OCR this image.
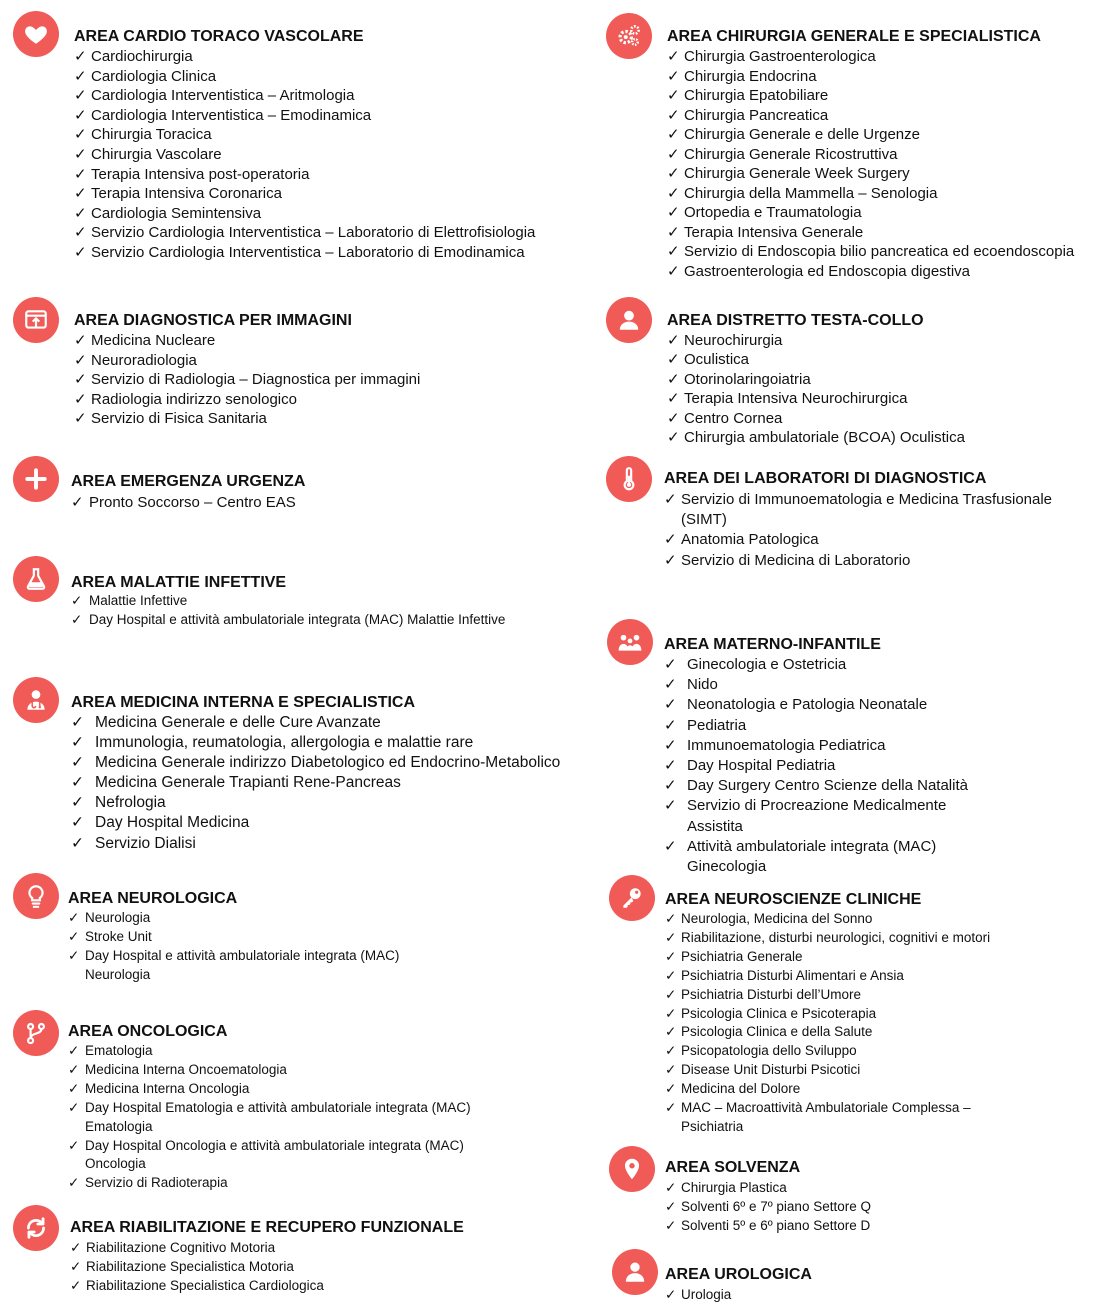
AREA CARDIO TORACO VASCOLARE
✓ Cardiochirurgia
✓ Cardiologia Clinica
✓ Cardiologia Interventistica – Aritmologia
✓ Cardiologia Interventistica – Emodinamica
✓ Chirurgia Toracica
✓ Chirurgia Vascolare
✓ Terapia Intensiva post-operatoria
✓ Terapia Intensiva Coronarica
✓ Cardiologia Semintensiva
✓ Servizio Cardiologia Interventistica – Laboratorio di Elettrofisiologia
✓ Servizio Cardiologia Interventistica – Laboratorio di Emodinamica
AREA DIAGNOSTICA PER IMMAGINI
✓ Medicina Nucleare
✓ Neuroradiologia
✓ Servizio di Radiologia – Diagnostica per immagini
✓ Radiologia indirizzo senologico
✓ Servizio di Fisica Sanitaria
AREA EMERGENZA URGENZA
✓ Pronto Soccorso – Centro EAS
AREA MALATTIE INFETTIVE
✓ Malattie Infettive
✓ Day Hospital e attività ambulatoriale integrata (MAC) Malattie Infettive
AREA MEDICINA INTERNA E SPECIALISTICA
✓ Medicina Generale e delle Cure Avanzate
✓ Immunologia, reumatologia, allergologia e malattie rare
✓ Medicina Generale indirizzo Diabetologico ed Endocrino-Metabolico
✓ Medicina Generale Trapianti Rene-Pancreas
✓ Nefrologia
✓ Day Hospital Medicina
✓ Servizio Dialisi
AREA NEUROLOGICA
✓ Neurologia
✓ Stroke Unit
✓ Day Hospital e attività ambulatoriale integrata (MAC) Neurologia
AREA ONCOLOGICA
✓ Ematologia
✓ Medicina Interna Oncoematologia
✓ Medicina Interna Oncologia
✓ Day Hospital Ematologia e attività ambulatoriale integrata (MAC) Ematologia
✓ Day Hospital Oncologia e attività ambulatoriale integrata (MAC) Oncologia
✓ Servizio di Radioterapia
AREA RIABILITAZIONE E RECUPERO FUNZIONALE
✓ Riabilitazione Cognitivo Motoria
✓ Riabilitazione Specialistica Motoria
✓ Riabilitazione Specialistica Cardiologica
AREA CHIRURGIA GENERALE E SPECIALISTICA
✓ Chirurgia Gastroenterologica
✓ Chirurgia Endocrina
✓ Chirurgia Epatobiliare
✓ Chirurgia Pancreatica
✓ Chirurgia Generale e delle Urgenze
✓ Chirurgia Generale Ricostruttiva
✓ Chirurgia Generale Week Surgery
✓ Chirurgia della Mammella – Senologia
✓ Ortopedia e Traumatologia
✓ Terapia Intensiva Generale
✓ Servizio di Endoscopia bilio pancreatica ed ecoendoscopia
✓ Gastroenterologia ed Endoscopia digestiva
AREA DISTRETTO TESTA-COLLO
✓ Neurochirurgia
✓ Oculistica
✓ Otorinolaringoiatria
✓ Terapia Intensiva Neurochirurgica
✓ Centro Cornea
✓ Chirurgia ambulatoriale (BCOA) Oculistica
AREA DEI LABORATORI DI DIAGNOSTICA
✓ Servizio di Immunoematologia e Medicina Trasfusionale (SIMT)
✓ Anatomia Patologica
✓ Servizio di Medicina di Laboratorio
AREA MATERNO-INFANTILE
✓ Ginecologia e Ostetricia
✓ Nido
✓ Neonatologia e Patologia Neonatale
✓ Pediatria
✓ Immunoematologia Pediatrica
✓ Day Hospital Pediatria
✓ Day Surgery Centro Scienze della Natalità
✓ Servizio di Procreazione Medicalmente Assistita
✓ Attività ambulatoriale integrata (MAC) Ginecologia
AREA NEUROSCIENZE CLINICHE
✓ Neurologia, Medicina del Sonno
✓ Riabilitazione, disturbi neurologici, cognitivi e motori
✓ Psichiatria Generale
✓ Psichiatria Disturbi Alimentari e Ansia
✓ Psichiatria Disturbi dell’Umore
✓ Psicologia Clinica e Psicoterapia
✓ Psicologia Clinica e della Salute
✓ Psicopatologia dello Sviluppo
✓ Disease Unit Disturbi Psicotici
✓ Medicina del Dolore
✓ MAC – Macroattività Ambulatoriale Complessa – Psichiatria
AREA SOLVENZA
✓ Chirurgia Plastica
✓ Solventi 6º e 7º piano Settore Q
✓ Solventi 5º e 6º piano Settore D
AREA UROLOGICA
✓ Urologia
